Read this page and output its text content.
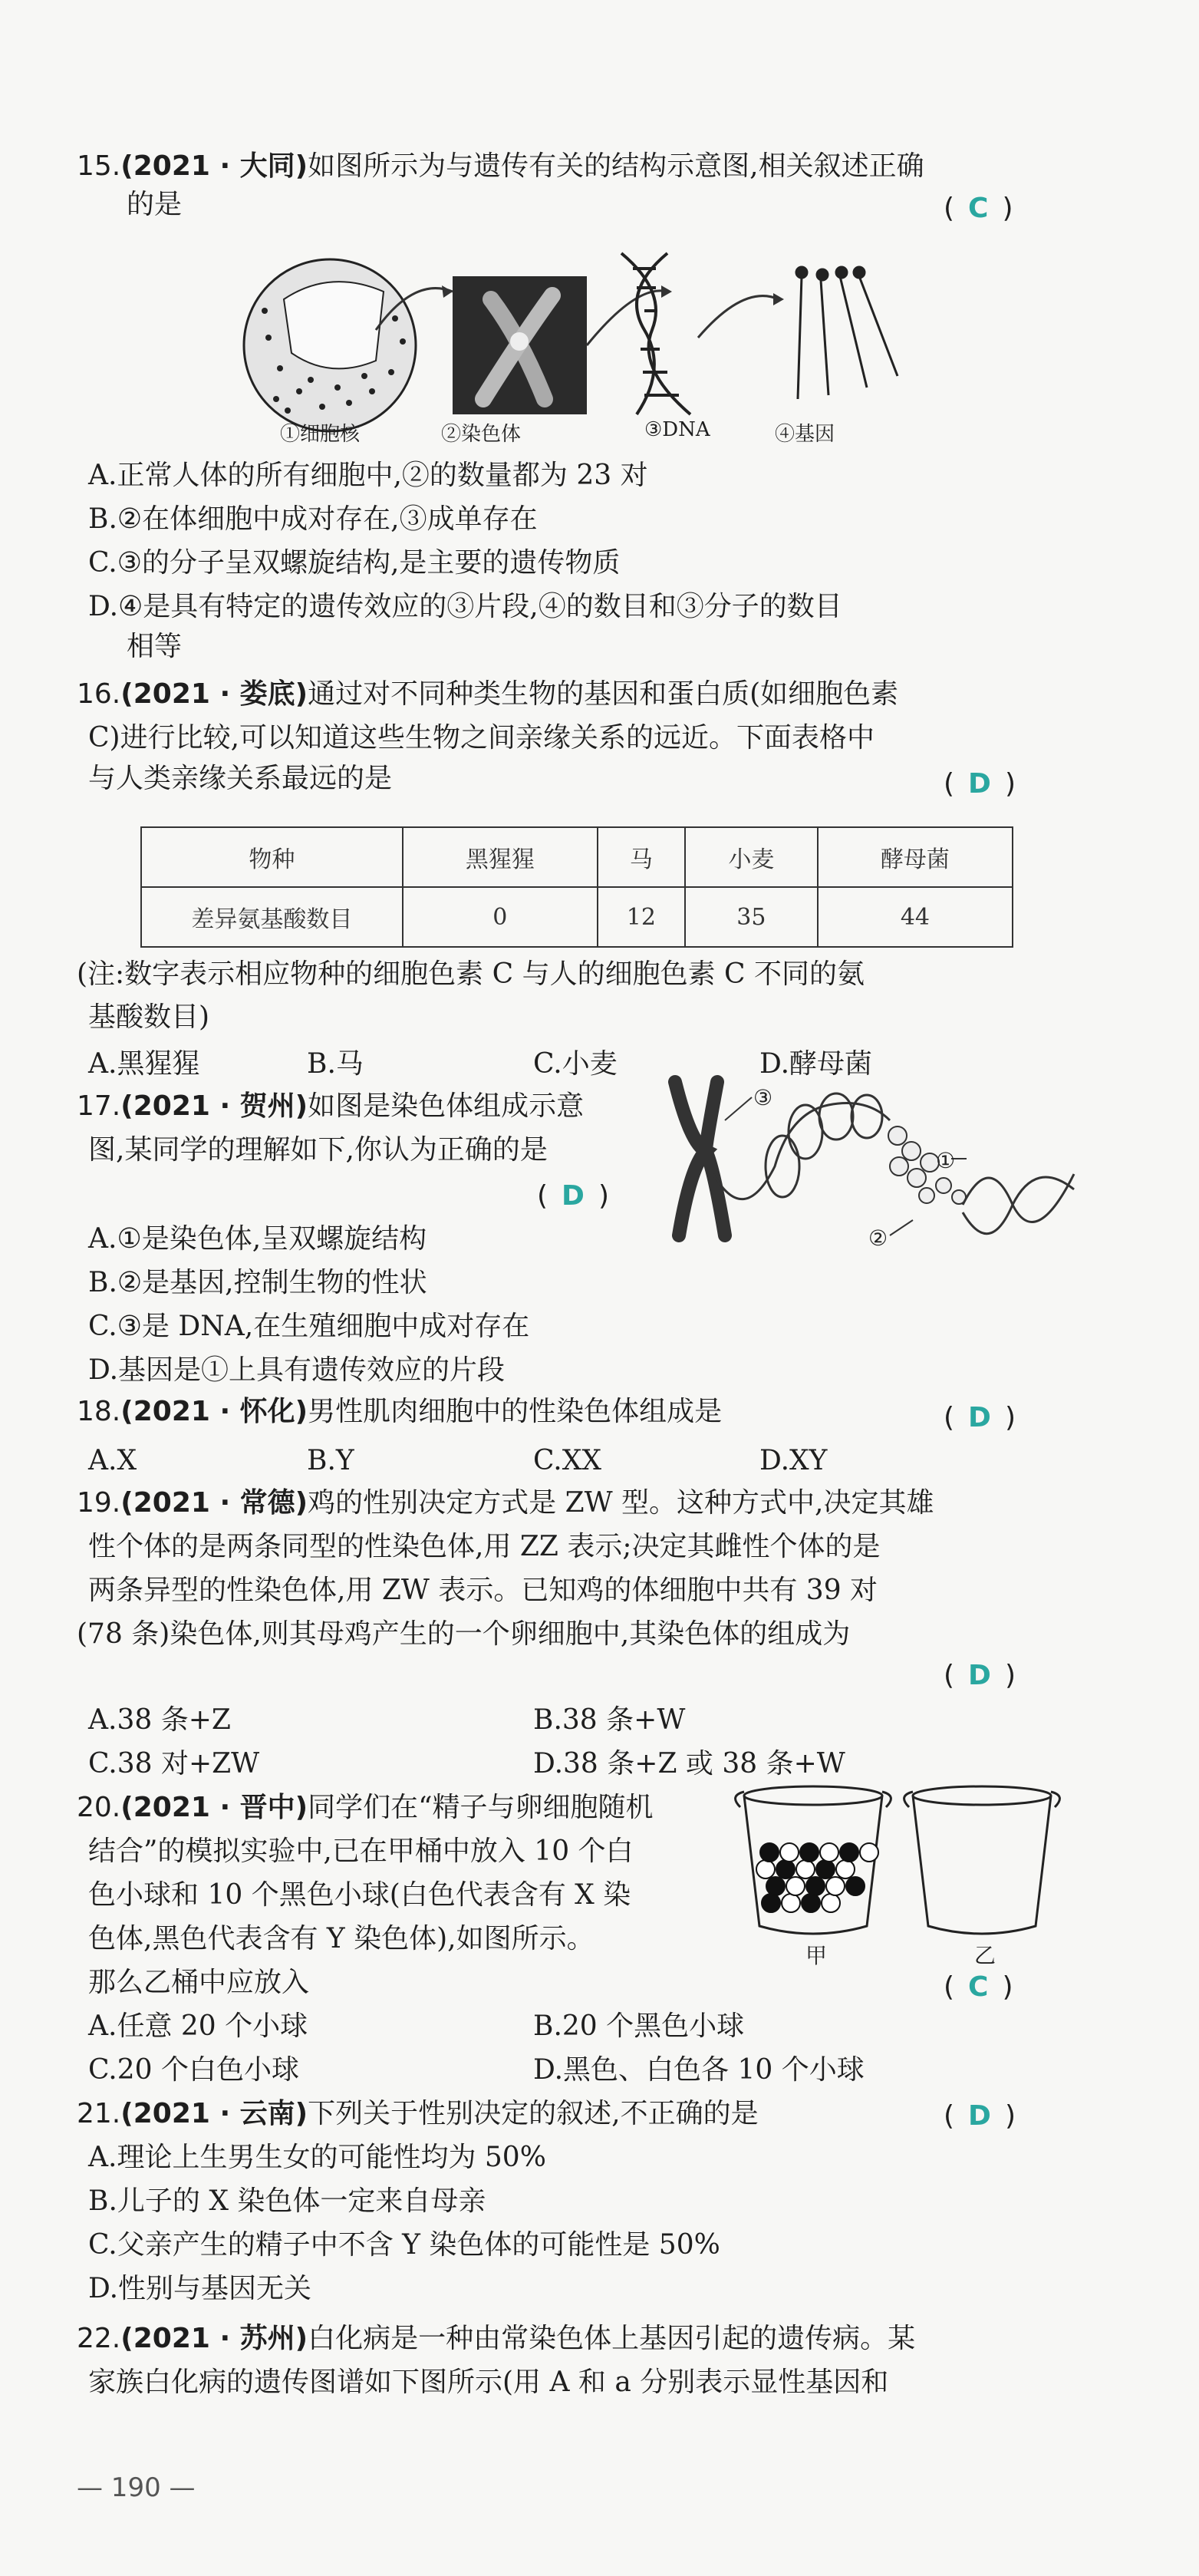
15.(2021 · 大同)如图所示为与遗传有关的结构示意图,相关叙述正确
的是	( C )
①细胞核	②染色体	③DNA	④基因
A.正常人体的所有细胞中,②的数量都为 23 对
B.②在体细胞中成对存在,③成单存在
C.③的分子呈双螺旋结构,是主要的遗传物质
D.④是具有特定的遗传效应的③片段,④的数目和③分子的数目
相等
16.(2021 · 娄底)通过对不同种类生物的基因和蛋白质(如细胞色素
C)进行比较,可以知道这些生物之间亲缘关系的远近。下面表格中
与人类亲缘关系最远的是	( D )
物种	黑猩猩	马	小麦	酵母菌
差异氨基酸数目	0	12	35	44
(注:数字表示相应物种的细胞色素 C 与人的细胞色素 C 不同的氨
基酸数目)
A.黑猩猩	B.马	C.小麦	D.酵母菌
17.(2021 · 贺州)如图是染色体组成示意
图,某同学的理解如下,你认为正确的是
( D )
③
①
②
A.①是染色体,呈双螺旋结构
B.②是基因,控制生物的性状
C.③是 DNA,在生殖细胞中成对存在
D.基因是①上具有遗传效应的片段
18.(2021 · 怀化)男性肌肉细胞中的性染色体组成是	( D )
A.X	B.Y	C.XX	D.XY
19.(2021 · 常德)鸡的性别决定方式是 ZW 型。这种方式中,决定其雄
性个体的是两条同型的性染色体,用 ZZ 表示;决定其雌性个体的是
两条异型的性染色体,用 ZW 表示。已知鸡的体细胞中共有 39 对
(78 条)染色体,则其母鸡产生的一个卵细胞中,其染色体的组成为
( D )
A.38 条+Z	B.38 条+W
C.38 对+ZW	D.38 条+Z 或 38 条+W
20.(2021 · 晋中)同学们在“精子与卵细胞随机
结合”的模拟实验中,已在甲桶中放入 10 个白
色小球和 10 个黑色小球(白色代表含有 X 染
色体,黑色代表含有 Y 染色体),如图所示。
那么乙桶中应放入	( C )
甲	乙
A.任意 20 个小球	B.20 个黑色小球
C.20 个白色小球	D.黑色、白色各 10 个小球
21.(2021 · 云南)下列关于性别决定的叙述,不正确的是	( D )
A.理论上生男生女的可能性均为 50%
B.儿子的 X 染色体一定来自母亲
C.父亲产生的精子中不含 Y 染色体的可能性是 50%
D.性别与基因无关
22.(2021 · 苏州)白化病是一种由常染色体上基因引起的遗传病。某
家族白化病的遗传图谱如下图所示(用 A 和 a 分别表示显性基因和
— 190 —
